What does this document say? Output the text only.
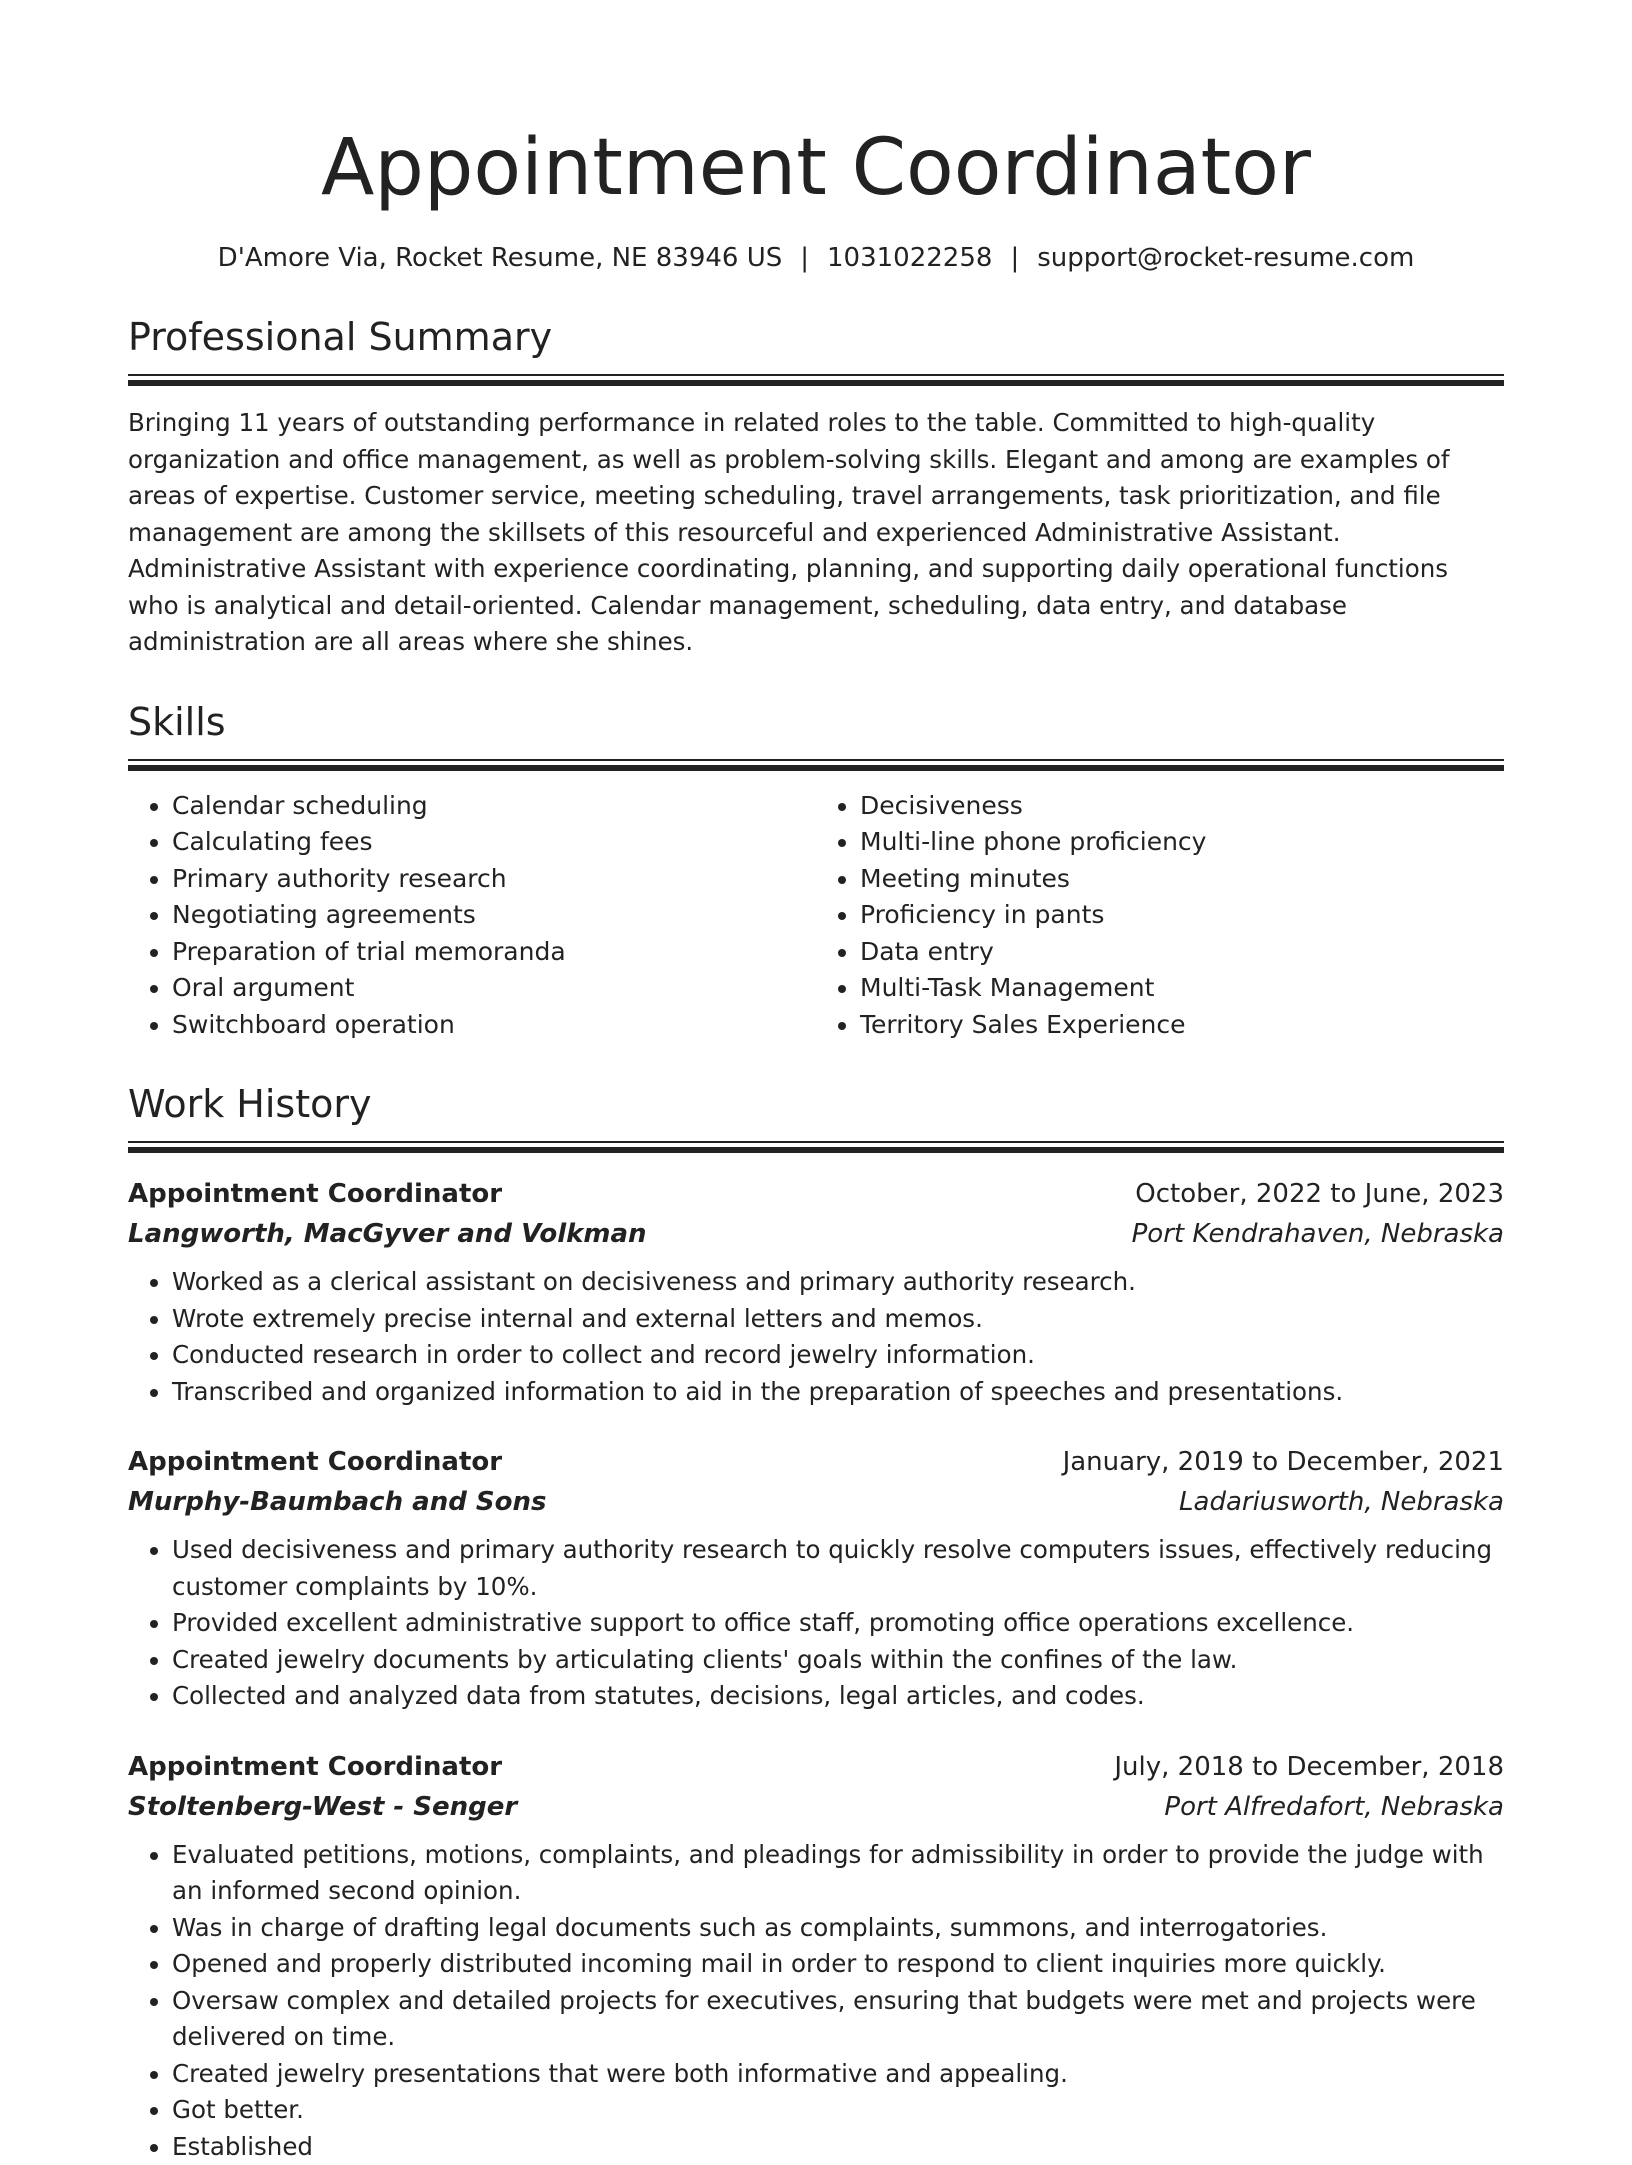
Appointment Coordinator
D'Amore Via, Rocket Resume, NE 83946 US | 1031022258 | support@rocket-resume.com
Professional Summary
Bringing 11 years of outstanding performance in related roles to the table. Committed to high-quality organization and office management, as well as problem-solving skills. Elegant and among are examples of areas of expertise. Customer service, meeting scheduling, travel arrangements, task prioritization, and file management are among the skillsets of this resourceful and experienced Administrative Assistant. Administrative Assistant with experience coordinating, planning, and supporting daily operational functions who is analytical and detail-oriented. Calendar management, scheduling, data entry, and database administration are all areas where she shines.
Skills
• Calendar scheduling
• Calculating fees
• Primary authority research
• Negotiating agreements
• Preparation of trial memoranda
• Oral argument
• Switchboard operation
• Decisiveness
• Multi-line phone proficiency
• Meeting minutes
• Proficiency in pants
• Data entry
• Multi-Task Management
• Territory Sales Experience
Work History
Appointment Coordinator	October, 2022 to June, 2023
Langworth, MacGyver and Volkman	Port Kendrahaven, Nebraska
• Worked as a clerical assistant on decisiveness and primary authority research.
• Wrote extremely precise internal and external letters and memos.
• Conducted research in order to collect and record jewelry information.
• Transcribed and organized information to aid in the preparation of speeches and presentations.
Appointment Coordinator	January, 2019 to December, 2021
Murphy-Baumbach and Sons	Ladariusworth, Nebraska
• Used decisiveness and primary authority research to quickly resolve computers issues, effectively reducing customer complaints by 10%.
• Provided excellent administrative support to office staff, promoting office operations excellence.
• Created jewelry documents by articulating clients' goals within the confines of the law.
• Collected and analyzed data from statutes, decisions, legal articles, and codes.
Appointment Coordinator	July, 2018 to December, 2018
Stoltenberg-West - Senger	Port Alfredafort, Nebraska
• Evaluated petitions, motions, complaints, and pleadings for admissibility in order to provide the judge with an informed second opinion.
• Was in charge of drafting legal documents such as complaints, summons, and interrogatories.
• Opened and properly distributed incoming mail in order to respond to client inquiries more quickly.
• Oversaw complex and detailed projects for executives, ensuring that budgets were met and projects were delivered on time.
• Created jewelry presentations that were both informative and appealing.
• Got better.
• Established
